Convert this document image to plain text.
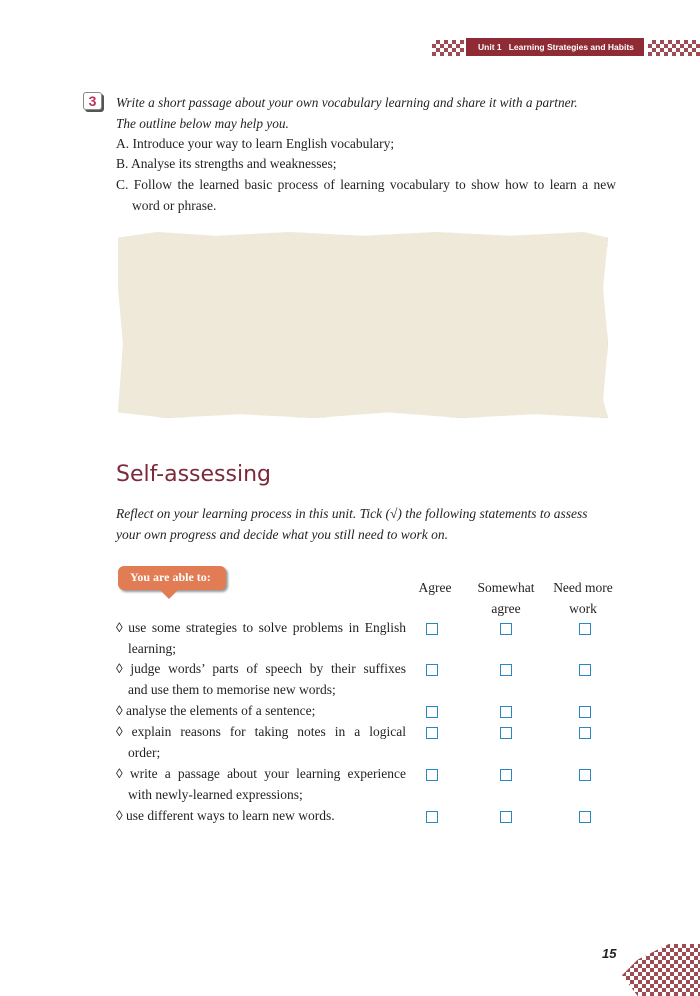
Unit 1 Learning Strategies and Habits
3	Write a short passage about your own vocabulary learning and share it with a partner.
The outline below may help you.
A. Introduce your way to learn English vocabulary;
B. Analyse its strengths and weaknesses;
C. Follow the learned basic process of learning vocabulary to show how to learn a new
word or phrase.
Self-assessing
Reflect on your learning process in this unit. Tick (√) the following statements to assess
your own progress and decide what you still need to work on.
You are able to:
Agree	Somewhat
agree
Need more
work
◊ use some strategies to solve problems in English
learning;
◊ judge words’ parts of speech by their suffixes
and use them to memorise new words;
◊ analyse the elements of a sentence;
◊ explain reasons for taking notes in a logical
order;
◊ write a passage about your learning experience
with newly-learned expressions;
◊ use different ways to learn new words.
15
